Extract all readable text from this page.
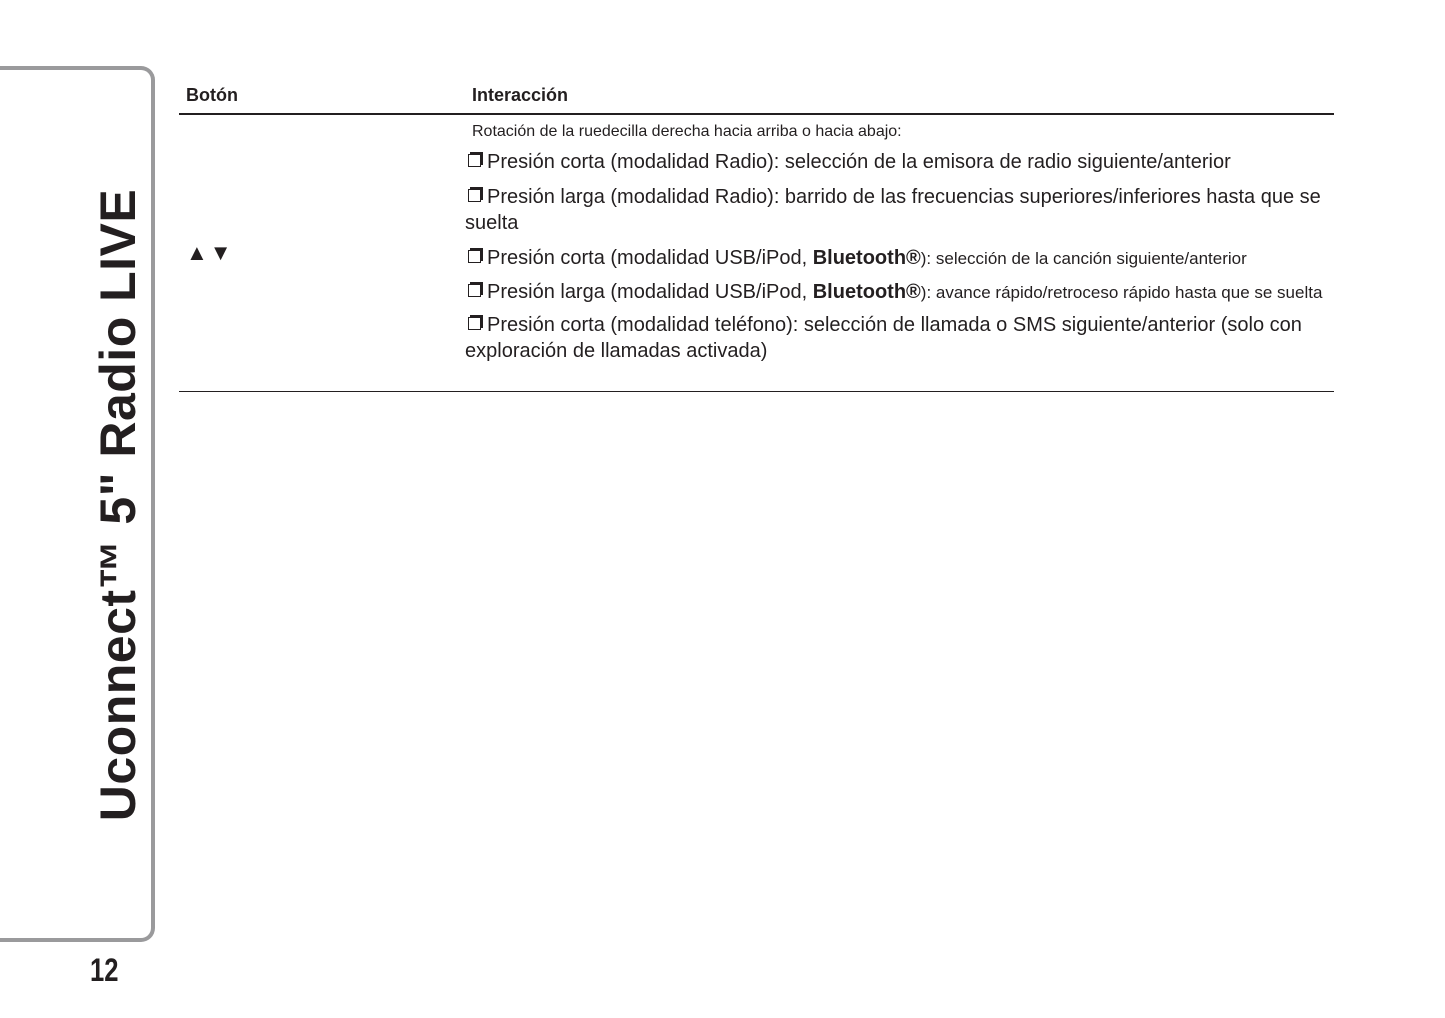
Uconnect™ 5" Radio LIVE
12
Botón	Interacción
▲▼
Rotación de la ruedecilla derecha hacia arriba o hacia abajo:
Presión corta (modalidad Radio): selección de la emisora de radio siguiente/anterior
Presión larga (modalidad Radio): barrido de las frecuencias superiores/inferiores hasta que se suelta
Presión corta (modalidad USB/iPod, Bluetooth®): selección de la canción siguiente/anterior
Presión larga (modalidad USB/iPod, Bluetooth®): avance rápido/retroceso rápido hasta que se suelta
Presión corta (modalidad teléfono): selección de llamada o SMS siguiente/anterior (solo con exploración de llamadas activada)
